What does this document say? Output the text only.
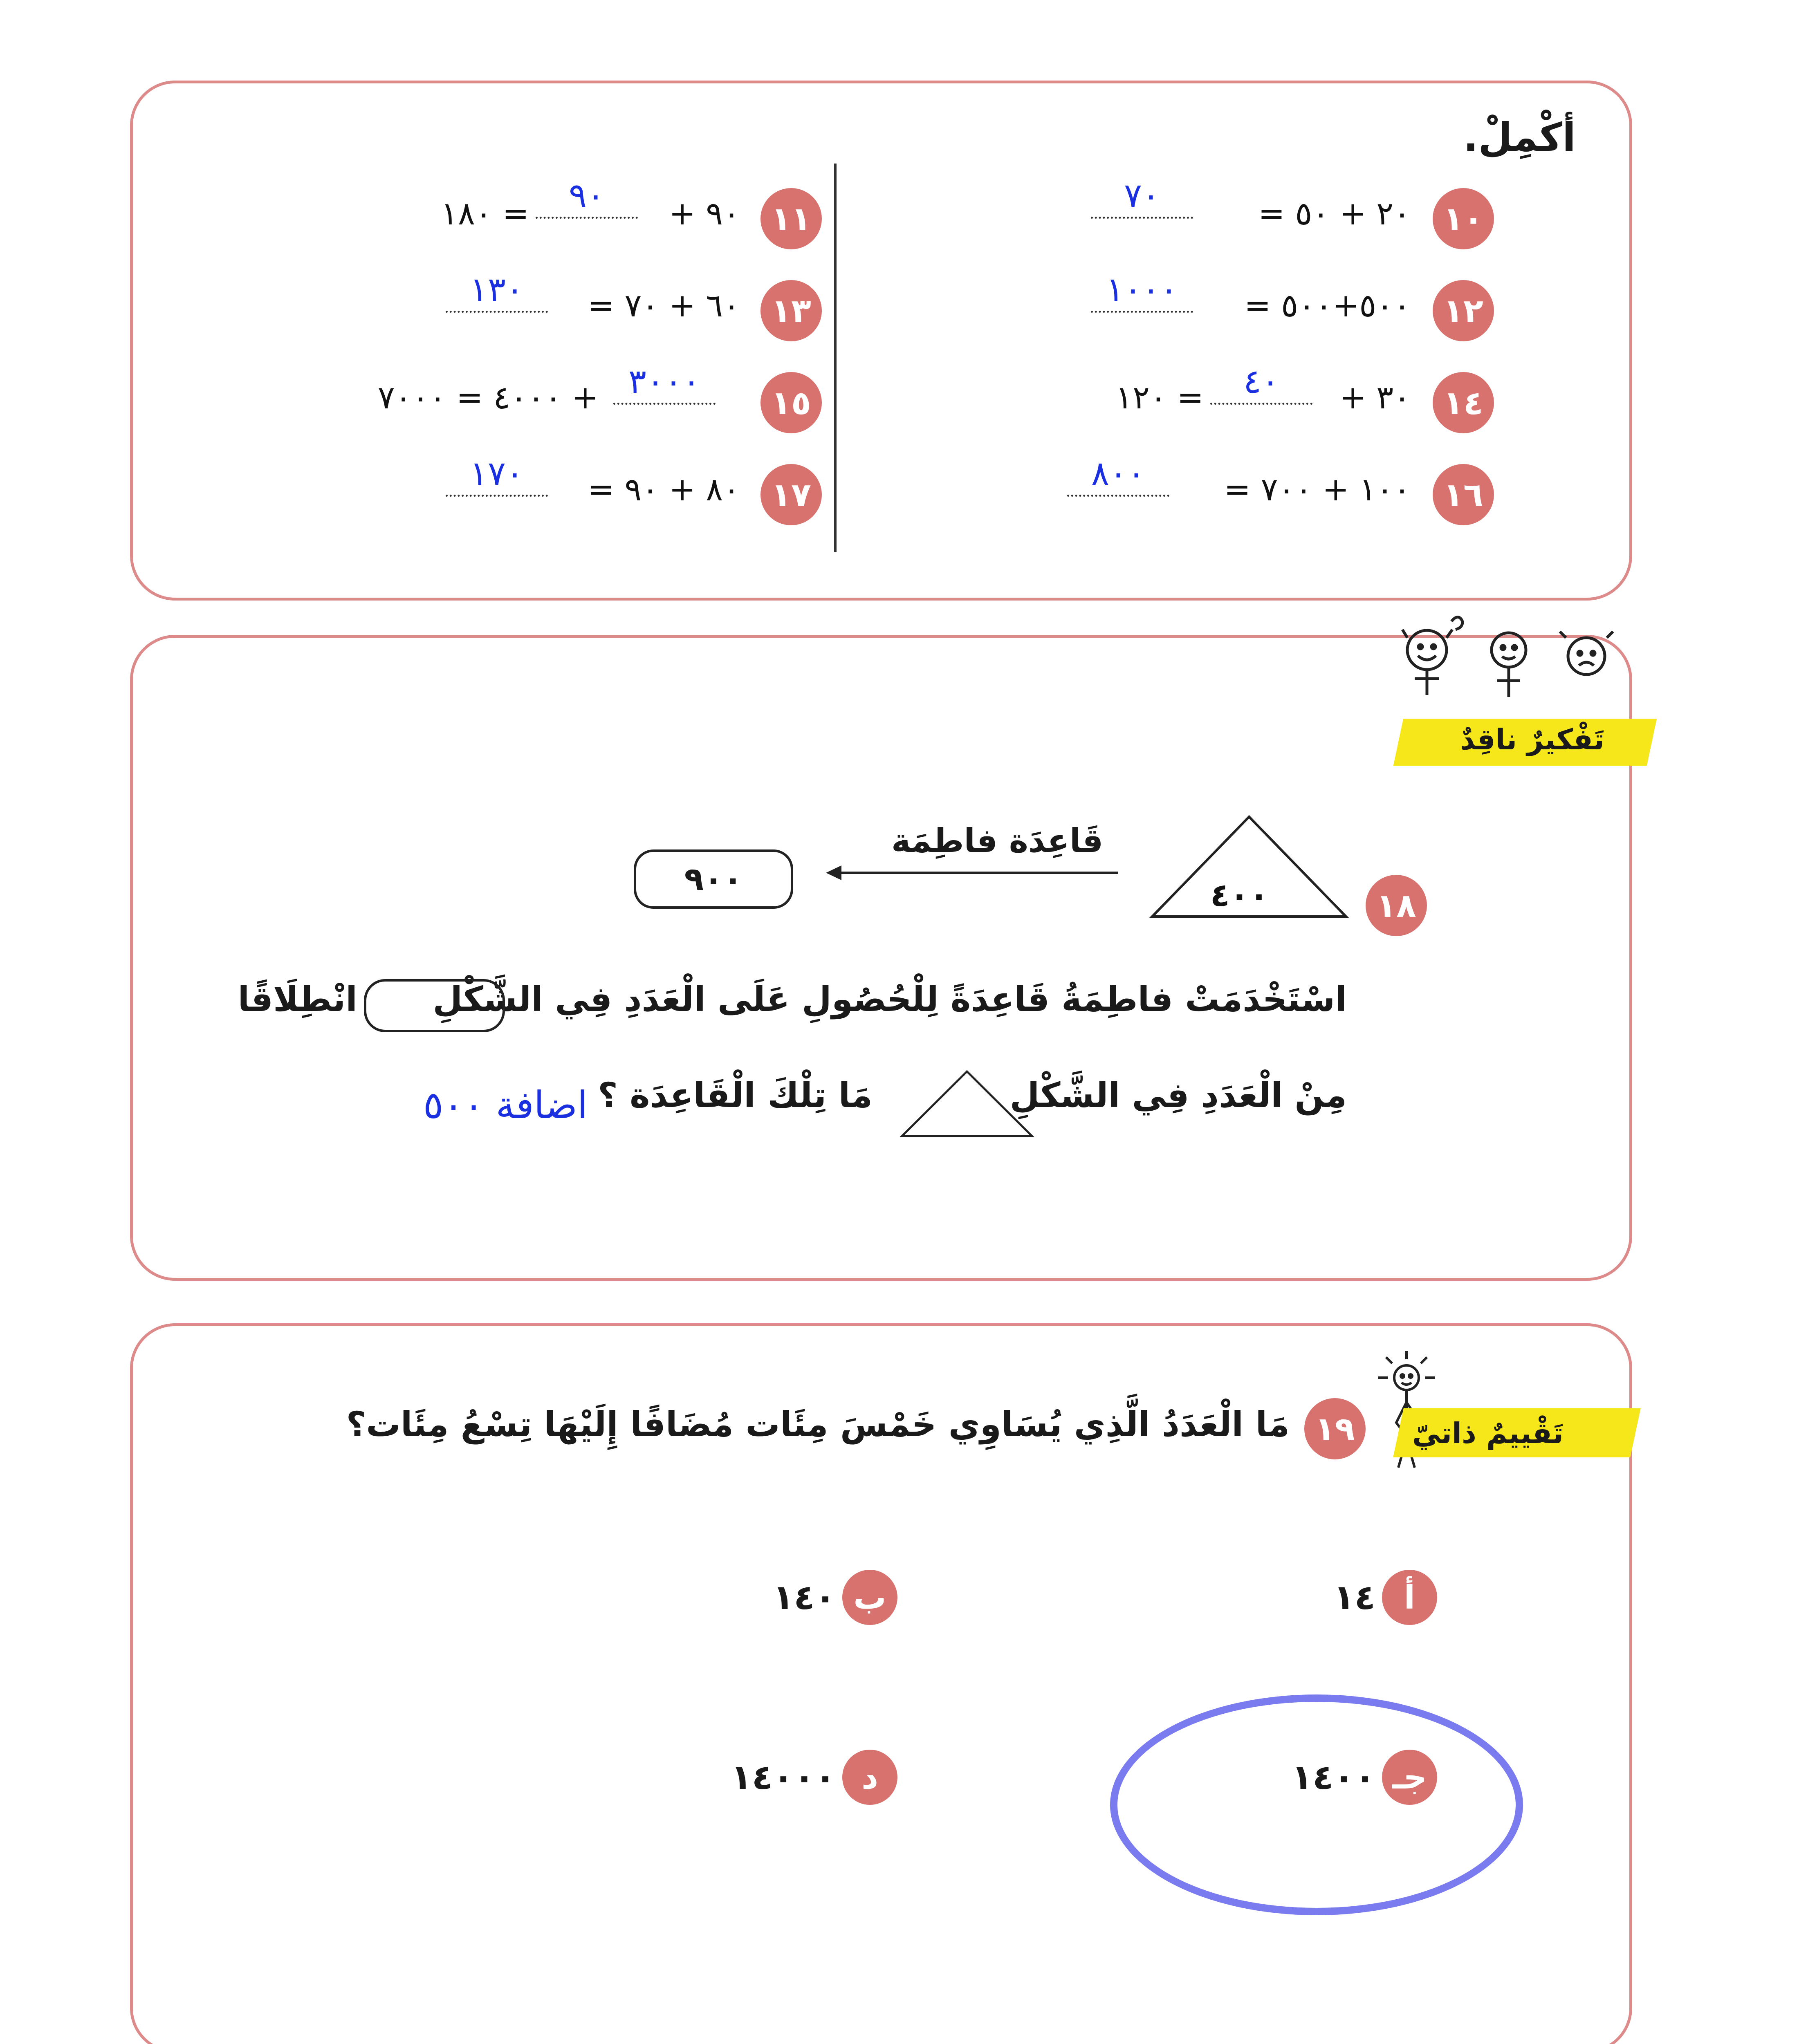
أكْمِلْ.
١٠
٢٠ + ٥٠ =
٧٠
١١
٩٠ +
٩٠
= ١٨٠
١٢
٥٠٠+٥٠٠ =
١٠٠٠
١٣
٦٠ + ٧٠ =
١٣٠
١٤
٣٠ +
٤٠
= ١٢٠
١٥
٣٠٠٠
+ ٤٠٠٠ = ٧٠٠٠
١٦
١٠٠ + ٧٠٠ =
٨٠٠
١٧
٨٠ + ٩٠ =
١٧٠
تَفْكيرٌ ناقِدٌ
١٨
٤٠٠
قَاعِدَة فاطِمَة
٩٠٠
اسْتَخْدَمَتْ فاطِمَةُ قَاعِدَةً لِلْحُصُولِ عَلَى الْعَدَدِ فِي الشَّكْلِ
انْطِلَاقًا
مِنْ الْعَدَدِ فِي الشَّكْلِ
مَا تِلْكَ الْقَاعِدَة ؟
اضافة ٥٠٠
تَقْييمٌ ذاتيّ
١٩
مَا الْعَدَدُ الَّذِي يُسَاوِي خَمْسَ مِئَات مُضَافًا إِلَيْهَا تِسْعُ مِئَات؟
أ
١٤
ب
١٤٠
جـ
١٤٠٠
د
١٤٠٠٠
